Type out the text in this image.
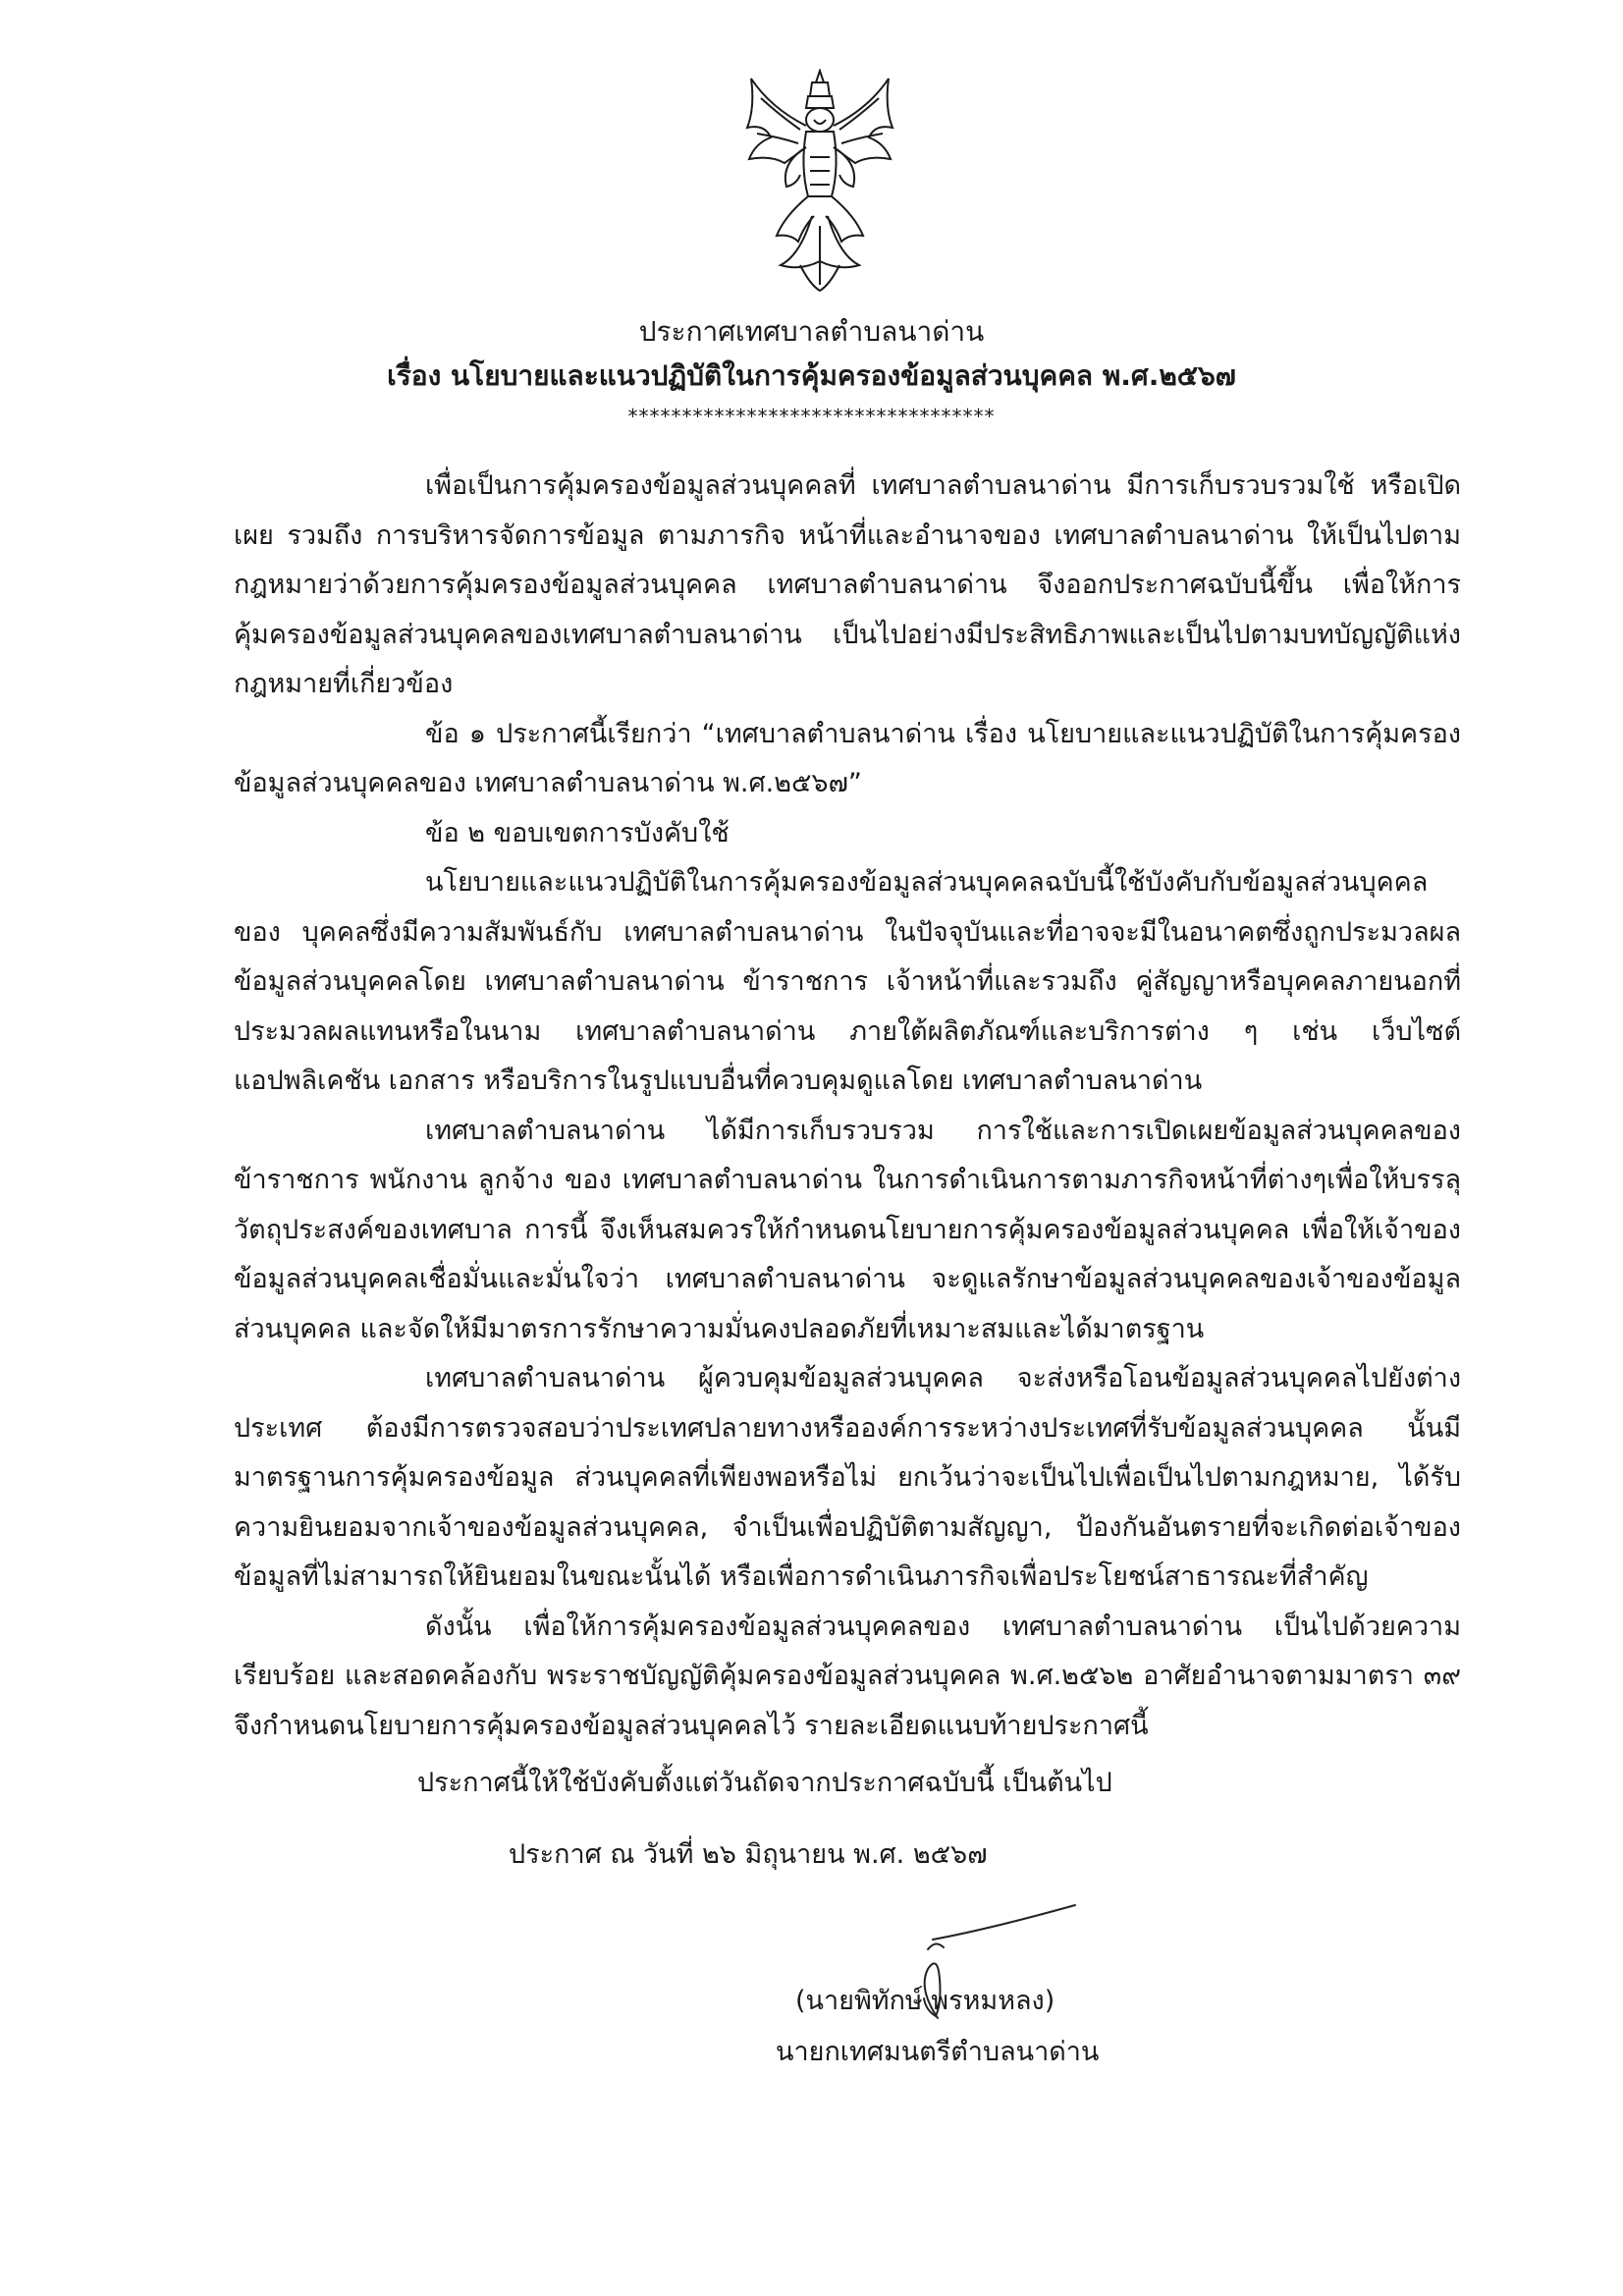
ประกาศเทศบาลตำบลนาด่าน
เรื่อง นโยบายและแนวปฏิบัติในการคุ้มครองข้อมูลส่วนบุคคล พ.ศ.๒๕๖๗
**********************************

เพื่อเป็นการคุ้มครองข้อมูลส่วนบุคคลที่ เทศบาลตำบลนาด่าน มีการเก็บรวบรวมใช้ หรือเปิดเผย รวมถึง การบริหารจัดการข้อมูล ตามภารกิจ หน้าที่และอำนาจของ เทศบาลตำบลนาด่าน ให้เป็นไปตามกฎหมายว่าด้วยการคุ้มครองข้อมูลส่วนบุคคล เทศบาลตำบลนาด่าน จึงออกประกาศฉบับนี้ขึ้น เพื่อให้การคุ้มครองข้อมูลส่วนบุคคลของเทศบาลตำบลนาด่าน เป็นไปอย่างมีประสิทธิภาพและเป็นไปตามบทบัญญัติแห่งกฎหมายที่เกี่ยวข้อง

ข้อ ๑ ประกาศนี้เรียกว่า “เทศบาลตำบลนาด่าน เรื่อง นโยบายและแนวปฏิบัติในการคุ้มครองข้อมูลส่วนบุคคลของ เทศบาลตำบลนาด่าน พ.ศ.๒๕๖๗”

ข้อ ๒ ขอบเขตการบังคับใช้

นโยบายและแนวปฏิบัติในการคุ้มครองข้อมูลส่วนบุคคลฉบับนี้ใช้บังคับกับข้อมูลส่วนบุคคลของ บุคคลซึ่งมีความสัมพันธ์กับ เทศบาลตำบลนาด่าน ในปัจจุบันและที่อาจจะมีในอนาคตซึ่งถูกประมวลผลข้อมูลส่วนบุคคลโดย เทศบาลตำบลนาด่าน ข้าราชการ เจ้าหน้าที่และรวมถึง คู่สัญญาหรือบุคคลภายนอกที่ประมวลผลแทนหรือในนาม เทศบาลตำบลนาด่าน ภายใต้ผลิตภัณฑ์และบริการต่าง ๆ เช่น เว็บไซต์แอปพลิเคชัน เอกสาร หรือบริการในรูปแบบอื่นที่ควบคุมดูแลโดย เทศบาลตำบลนาด่าน

เทศบาลตำบลนาด่าน ได้มีการเก็บรวบรวม การใช้และการเปิดเผยข้อมูลส่วนบุคคลของข้าราชการ พนักงาน ลูกจ้าง ของ เทศบาลตำบลนาด่าน ในการดำเนินการตามภารกิจหน้าที่ต่างๆเพื่อให้บรรลุวัตถุประสงค์ของเทศบาล การนี้ จึงเห็นสมควรให้กำหนดนโยบายการคุ้มครองข้อมูลส่วนบุคคล เพื่อให้เจ้าของข้อมูลส่วนบุคคลเชื่อมั่นและมั่นใจว่า เทศบาลตำบลนาด่าน จะดูแลรักษาข้อมูลส่วนบุคคลของเจ้าของข้อมูลส่วนบุคคล และจัดให้มีมาตรการรักษาความมั่นคงปลอดภัยที่เหมาะสมและได้มาตรฐาน

เทศบาลตำบลนาด่าน ผู้ควบคุมข้อมูลส่วนบุคคล จะส่งหรือโอนข้อมูลส่วนบุคคลไปยังต่างประเทศ ต้องมีการตรวจสอบว่าประเทศปลายทางหรือองค์การระหว่างประเทศที่รับข้อมูลส่วนบุคคล นั้นมีมาตรฐานการคุ้มครองข้อมูล ส่วนบุคคลที่เพียงพอหรือไม่ ยกเว้นว่าจะเป็นไปเพื่อเป็นไปตามกฎหมาย, ได้รับความยินยอมจากเจ้าของข้อมูลส่วนบุคคล, จำเป็นเพื่อปฏิบัติตามสัญญา, ป้องกันอันตรายที่จะเกิดต่อเจ้าของข้อมูลที่ไม่สามารถให้ยินยอมในขณะนั้นได้ หรือเพื่อการดำเนินภารกิจเพื่อประโยชน์สาธารณะที่สำคัญ

ดังนั้น เพื่อให้การคุ้มครองข้อมูลส่วนบุคคลของ เทศบาลตำบลนาด่าน เป็นไปด้วยความเรียบร้อย และสอดคล้องกับ พระราชบัญญัติคุ้มครองข้อมูลส่วนบุคคล พ.ศ.๒๕๖๒ อาศัยอำนาจตามมาตรา ๓๙ จึงกำหนดนโยบายการคุ้มครองข้อมูลส่วนบุคคลไว้ รายละเอียดแนบท้ายประกาศนี้

ประกาศนี้ให้ใช้บังคับตั้งแต่วันถัดจากประกาศฉบับนี้ เป็นต้นไป
ประกาศ ณ วันที่ ๒๖ มิถุนายน พ.ศ. ๒๕๖๗
(นายพิทักษ์ พรหมหลง)
นายกเทศมนตรีตำบลนาด่าน
